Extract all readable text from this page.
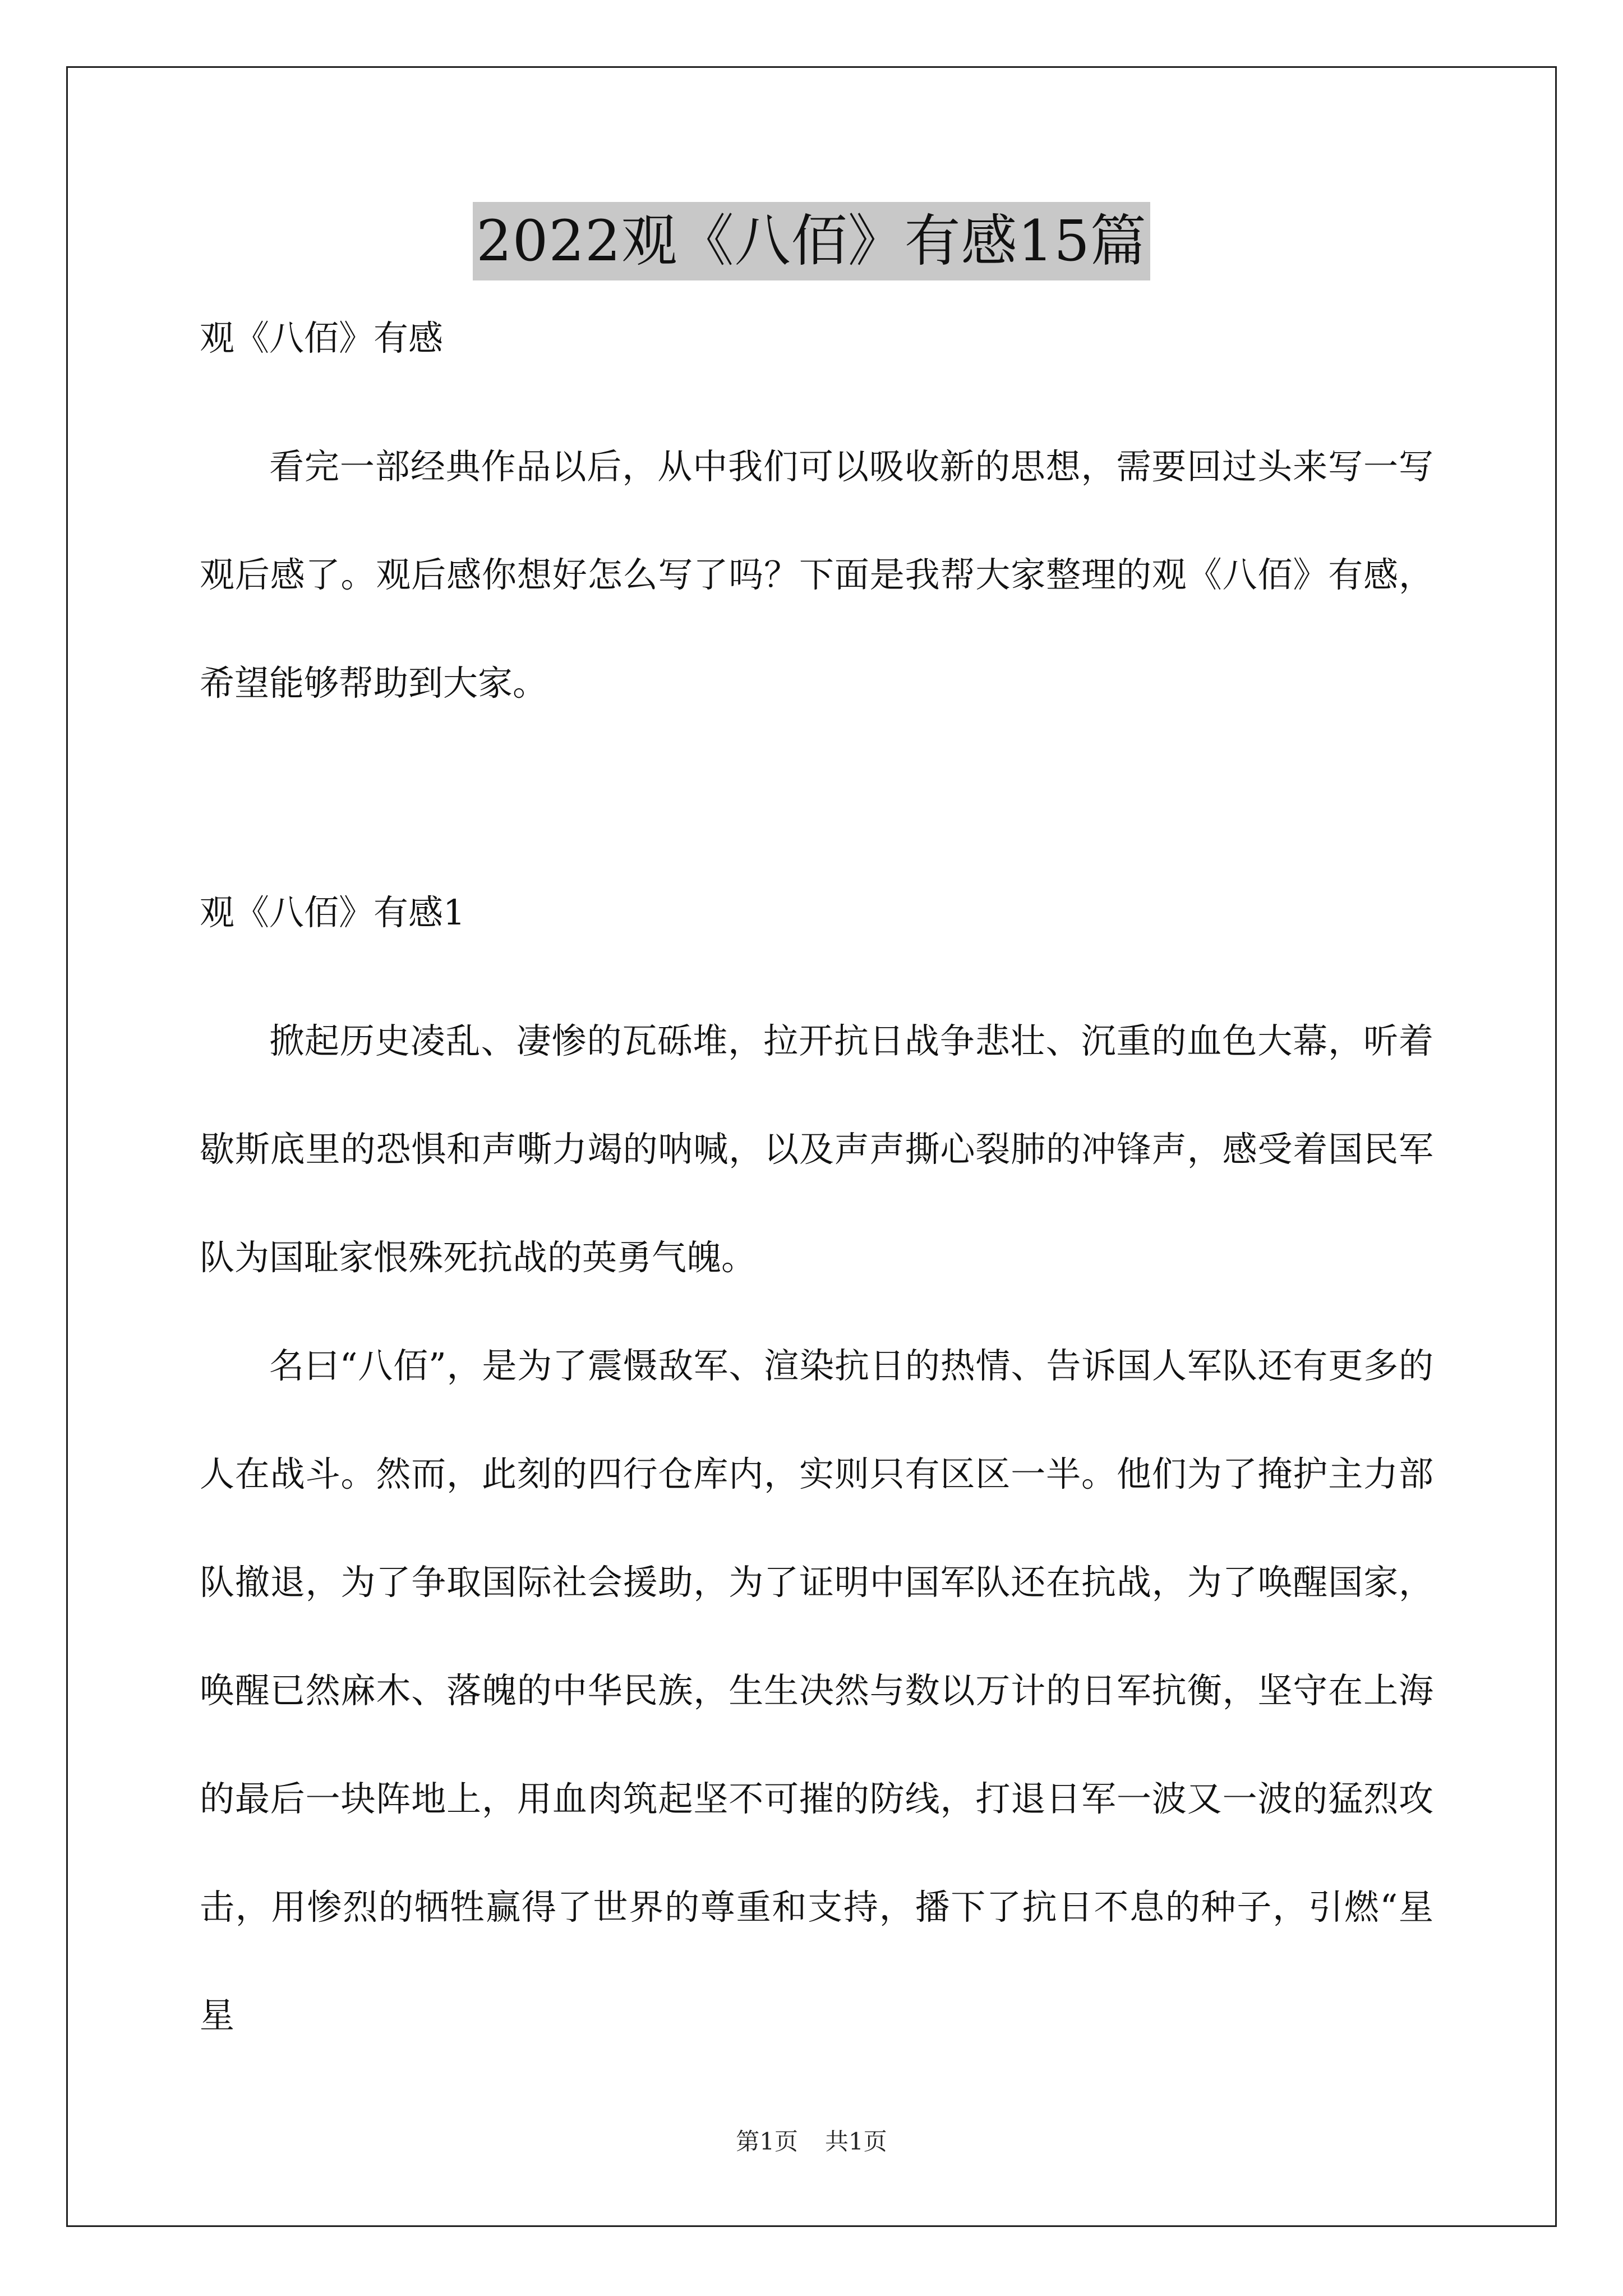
2022观《八佰》有感15篇

观《八佰》有感

看完一部经典作品以后，从中我们可以吸收新的思想，需要回过头来写一写观后感了。观后感你想好怎么写了吗？下面是我帮大家整理的观《八佰》有感，希望能够帮助到大家。

观《八佰》有感1

掀起历史凌乱、凄惨的瓦砾堆，拉开抗日战争悲壮、沉重的血色大幕，听着歇斯底里的恐惧和声嘶力竭的呐喊，以及声声撕心裂肺的冲锋声，感受着国民军队为国耻家恨殊死抗战的英勇气魄。

名曰“八佰”，是为了震慑敌军、渲染抗日的热情、告诉国人军队还有更多的人在战斗。然而，此刻的四行仓库内，实则只有区区一半。他们为了掩护主力部队撤退，为了争取国际社会援助，为了证明中国军队还在抗战，为了唤醒国家，唤醒已然麻木、落魄的中华民族，生生决然与数以万计的日军抗衡，坚守在上海的最后一块阵地上，用血肉筑起坚不可摧的防线，打退日军一波又一波的猛烈攻击，用惨烈的牺牲赢得了世界的尊重和支持，播下了抗日不息的种子，引燃“星星

第1页 共1页
